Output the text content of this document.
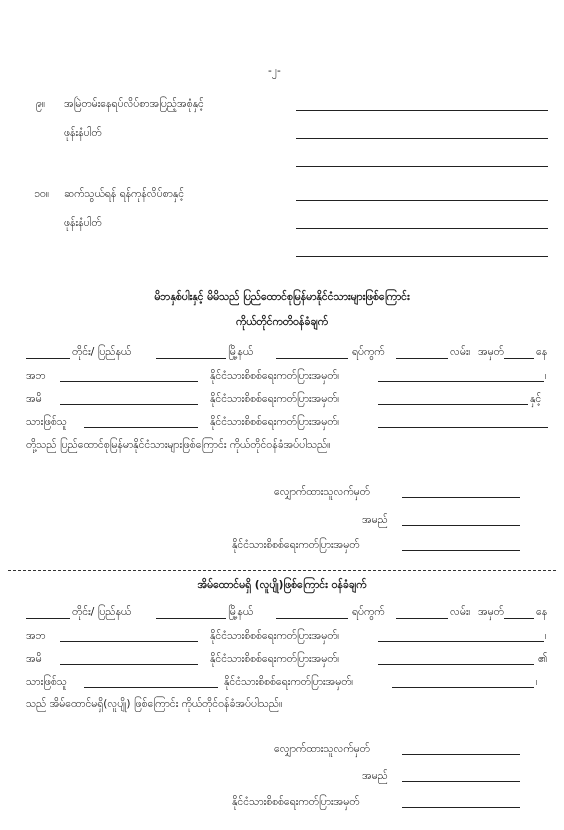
-၂-
၉။ အမြဲတမ်းနေရပ်လိပ်စာအပြည့်အစုံနှင့်
ဖုန်းနံပါတ်
၁၀။ ဆက်သွယ်ရန် ရန်ကုန်လိပ်စာနှင့်
ဖုန်းနံပါတ်
မိဘနှစ်ပါးနှင့် မိမိသည် ပြည်ထောင်စုမြန်မာနိုင်ငံသားများဖြစ်ကြောင်း
ကိုယ်တိုင်ကတိဝန်ခံချက်
တိုင်း/ ပြည်နယ်	မြို့နယ်	ရပ်ကွက်	လမ်း၊ အမှတ်	နေ
အဘ	နိုင်ငံသားစိစစ်ရေးကတ်ပြားအမှတ်၊	၊
အမိ	နိုင်ငံသားစိစစ်ရေးကတ်ပြားအမှတ်၊	နှင့်
သားဖြစ်သူ	နိုင်ငံသားစိစစ်ရေးကတ်ပြားအမှတ်၊
တို့သည် ပြည်ထောင်စုမြန်မာနိုင်ငံသားများဖြစ်ကြောင်း ကိုယ်တိုင်ဝန်ခံအပ်ပါသည်။
လျှောက်ထားသူလက်မှတ်
အမည်
နိုင်ငံသားစိစစ်ရေးကတ်ပြားအမှတ်
အိမ်ထောင်မရှိ (လူပျို)ဖြစ်ကြောင်း ဝန်ခံချက်
တိုင်း/ ပြည်နယ်	မြို့နယ်	ရပ်ကွက်	လမ်း၊ အမှတ်	နေ
အဘ	နိုင်ငံသားစိစစ်ရေးကတ်ပြားအမှတ်၊	၊
အမိ	နိုင်ငံသားစိစစ်ရေးကတ်ပြားအမှတ်၊	၏
သားဖြစ်သူ	နိုင်ငံသားစိစစ်ရေးကတ်ပြားအမှတ်၊	၊
သည် အိမ်ထောင်မရှိ(လူပျို) ဖြစ်ကြောင်း ကိုယ်တိုင်ဝန်ခံအပ်ပါသည်။
လျှောက်ထားသူလက်မှတ်
အမည်
နိုင်ငံသားစိစစ်ရေးကတ်ပြားအမှတ်
